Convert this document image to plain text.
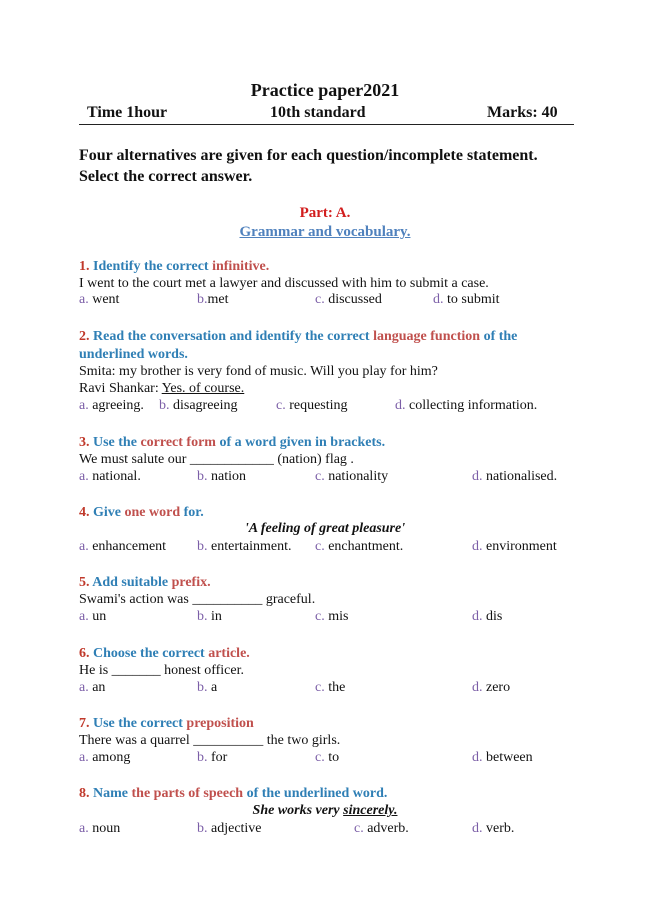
Practice paper2021
Time 1hour	10th standard	Marks: 40
Four alternatives are given for each question/incomplete statement. Select the correct answer.
Part: A.
Grammar and vocabulary.
1. Identify the correct infinitive.
I went to the court met a lawyer and discussed with him to submit a case.
a. went	b.met	c. discussed	d. to submit
2. Read the conversation and identify the correct language function of the
underlined words.
Smita: my brother is very fond of music. Will you play for him?
Ravi Shankar: Yes. of course.
a. agreeing. b. disagreeing	c. requesting	d. collecting information.
3. Use the correct form of a word given in brackets.
We must salute our ____________ (nation) flag .
a. national.	b. nation	c. nationality	d. nationalised.
4. Give one word for.
'A feeling of great pleasure'
a. enhancement b. entertainment. c. enchantment.	d. environment
5. Add suitable prefix.
Swami's action was __________ graceful.
a. un	b. in	c. mis	d. dis
6. Choose the correct article.
He is _______ honest officer.
a. an	b. a	c. the	d. zero
7. Use the correct preposition
There was a quarrel __________ the two girls.
a. among	b. for	c. to	d. between
8. Name the parts of speech of the underlined word.
She works very sincerely.
a. noun	b. adjective	c. adverb.	d. verb.
